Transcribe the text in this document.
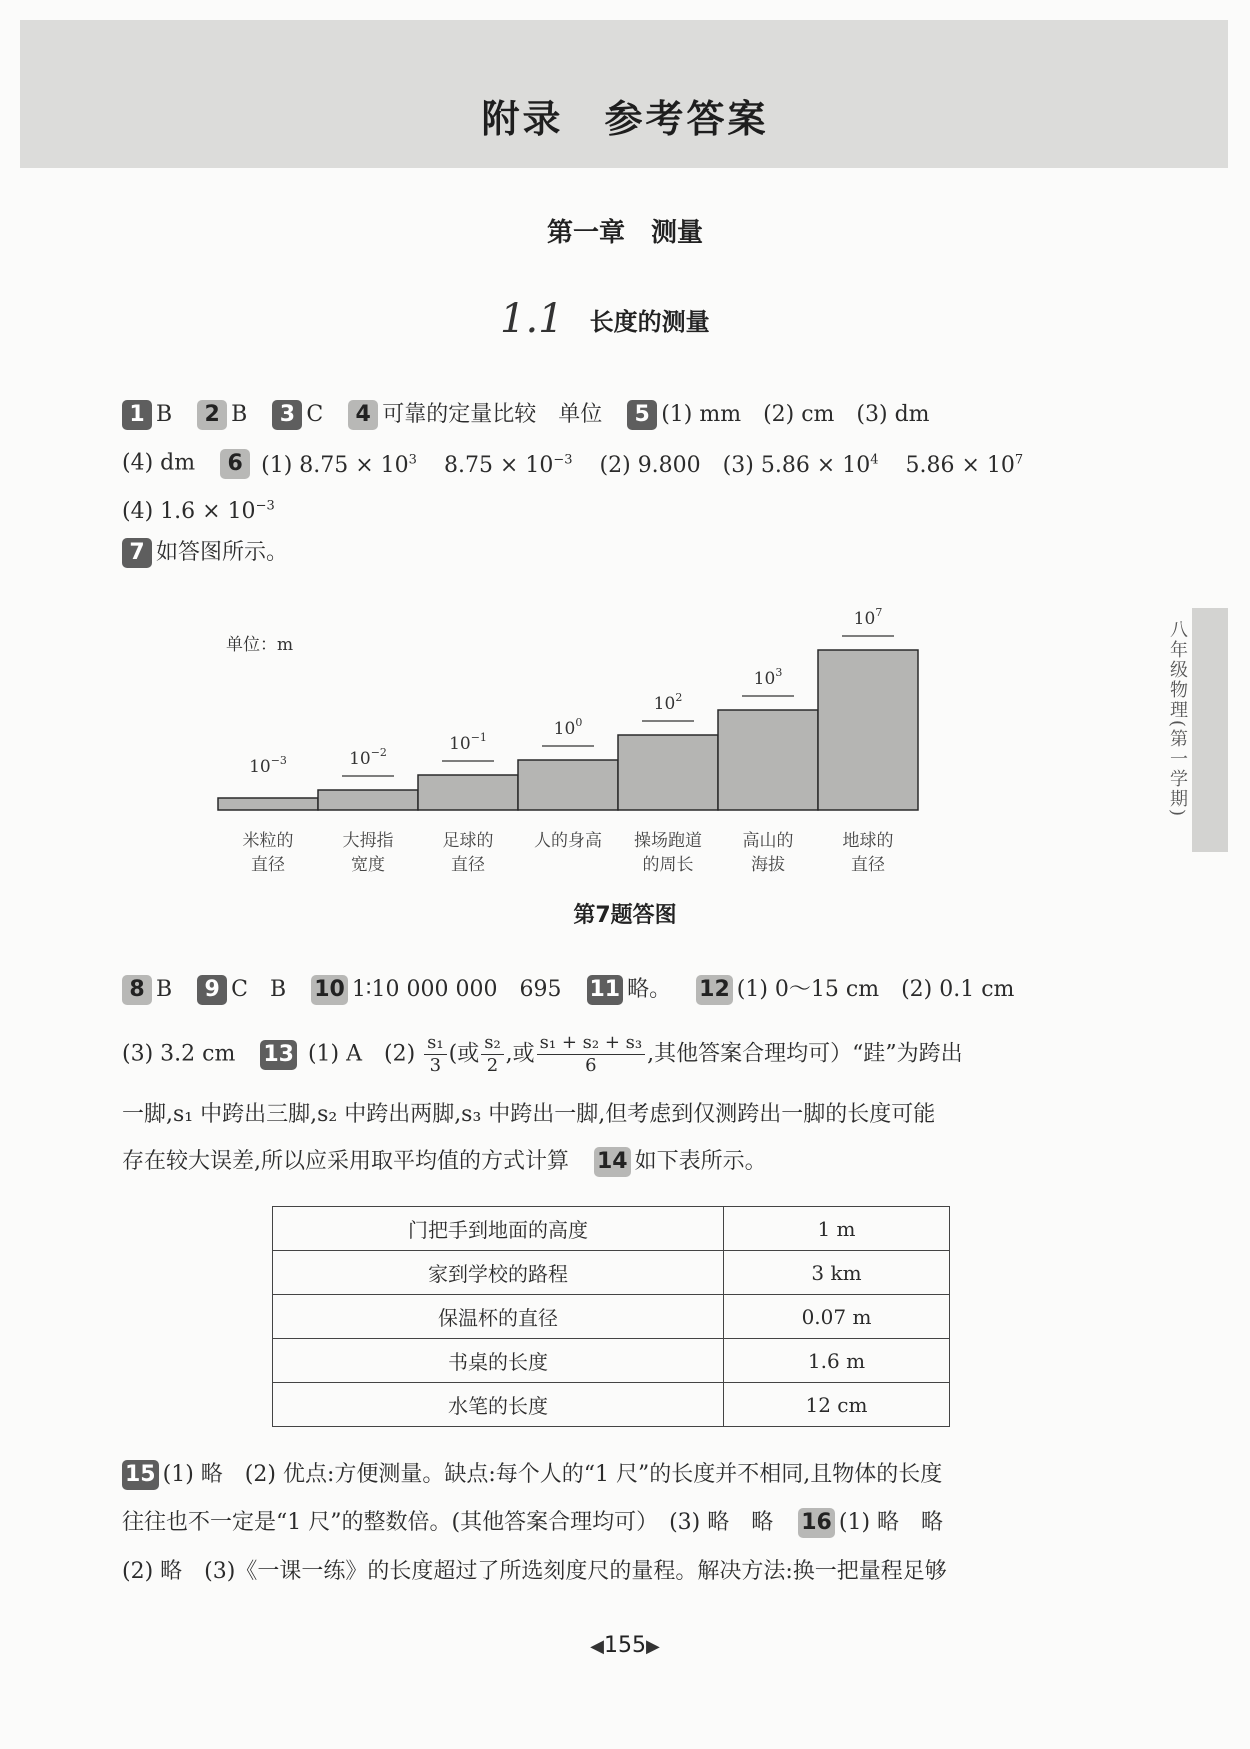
附录　参考答案
第一章　测量
1.1 长度的测量
1 B 2 B 3 C 4 可靠的定量比较　单位 5 (1) mm　(2) cm　(3) dm
(4) dm 6 (1) $8.75 \times 10^3$ $8.75 \times 10^{-3}$ (2) 9.800　(3) $5.86 \times 10^4$ $5.86 \times 10^7$
(4) $1.6 \times 10^{-3}$
7 如答图所示。
单位：m
$10^{-3}$
米粒的
直径
$10^{-2}$
大拇指
宽度
$10^{-1}$
足球的
直径
$10^0$
人的身高
$10^2$
操场跑道
的周长
$10^3$
高山的
海拔
$10^7$
地球的
直径
第7题答图
八年级物理(第一学期)
8 B 9 C　B 10 1∶10 000 000　695 11 略。 12 (1) 0～15 cm　(2) 0.1 cm
(3) 3.2 cm 13 (1) A　$(2) \frac{\text{s₁}}{3}$ (或 $\frac{\text{s₂}}{2}$ ,或 $\frac{\text{s₁ + s₂ + s₃}}{6}$ ,其他答案合理均可）“跬”为跨出
一脚,s₁ 中跨出三脚,s₂ 中跨出两脚,s₃ 中跨出一脚,但考虑到仅测跨出一脚的长度可能
存在较大误差,所以应采用取平均值的方式计算 14 如下表所示。
门把手到地面的高度	1 m
家到学校的路程	3 km
保温杯的直径	0.07 m
书桌的长度	1.6 m
水笔的长度	12 cm
15 (1) 略　(2) 优点:方便测量。缺点:每个人的“1 尺”的长度并不相同,且物体的长度
往往也不一定是“1 尺”的整数倍。(其他答案合理均可）　(3) 略　略 16 (1) 略　略
(2) 略　(3)《一课一练》的长度超过了所选刻度尺的量程。解决方法:换一把量程足够
◀155▶
